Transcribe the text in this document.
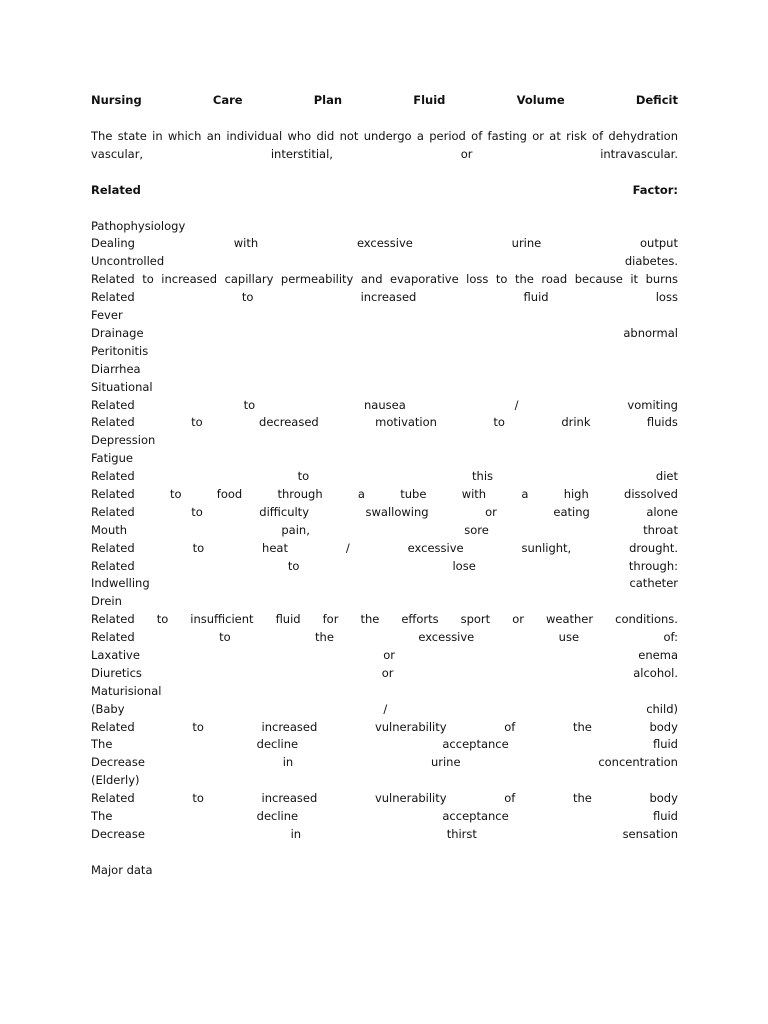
Nursing	Care	Plan	Fluid	Volume	Deficit
The state in which an individual who did not undergo a period of fasting or at risk of dehydration
vascular,	interstitial,	or	intravascular.
Related	Factor:
Pathophysiology
Dealing	with	excessive	urine	output
Uncontrolled	diabetes.
Related to increased capillary permeability and evaporative loss to the road because it burns
Related	to	increased	fluid	loss
Fever
Drainage	abnormal
Peritonitis
Diarrhea
Situational
Related	to	nausea	/	vomiting
Related	to	decreased	motivation	to	drink	fluids
Depression
Fatigue
Related	to	this	diet
Related	to	food	through	a	tube	with	a	high	dissolved
Related	to	difficulty	swallowing	or	eating	alone
Mouth	pain,	sore	throat
Related	to	heat	/	excessive	sunlight,	drought.
Related	to	lose	through:
Indwelling	catheter
Drein
Related to insufficient fluid for the efforts sport or weather conditions.
Related	to	the	excessive	use	of:
Laxative	or	enema
Diuretics	or	alcohol.
Maturisional
(Baby	/	child)
Related	to	increased	vulnerability	of	the	body
The	decline	acceptance	fluid
Decrease	in	urine	concentration
(Elderly)
Related	to	increased	vulnerability	of	the	body
The	decline	acceptance	fluid
Decrease	in	thirst	sensation
Major data
